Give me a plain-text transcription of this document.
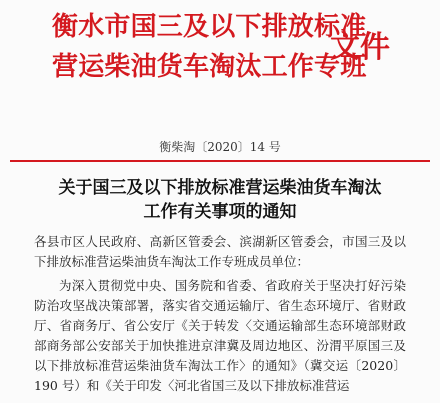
衡水市国三及以下排放标准
营运柴油货车淘汰工作专班
文件
衡柴淘〔2020〕14 号
关于国三及以下排放标准营运柴油货车淘汰
工作有关事项的通知
各县市区人民政府、高新区管委会、滨湖新区管委会，市国三及以下排放标准营运柴油货车淘汰工作专班成员单位：
为深入贯彻党中央、国务院和省委、省政府关于坚决打好污染防治攻坚战决策部署，落实省交通运输厅、省生态环境厅、省财政厅、省商务厅、省公安厅《关于转发〈交通运输部生态环境部财政部商务部公安部关于加快推进京津冀及周边地区、汾渭平原国三及以下排放标准营运柴油货车淘汰工作〉的通知》（冀交运〔2020〕190 号）和《关于印发〈河北省国三及以下排放标准营运
